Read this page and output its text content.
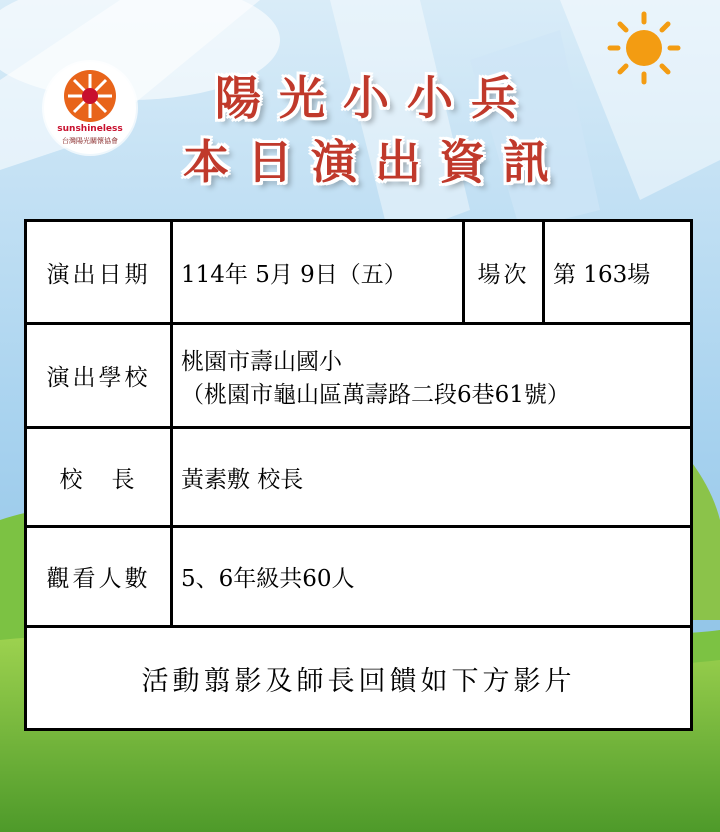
sunshineless
台灣陽光關懷協會
陽光小小兵
本日演出資訊
演出日期	114年 5月 9日（五）	場次	第 163場
演出學校	桃園市壽山國小
（桃園市龜山區萬壽路二段6巷61號）		

校　長	黃素敷 校長		
觀看人數	5、6年級共60人		
活動翦影及師長回饋如下方影片			
